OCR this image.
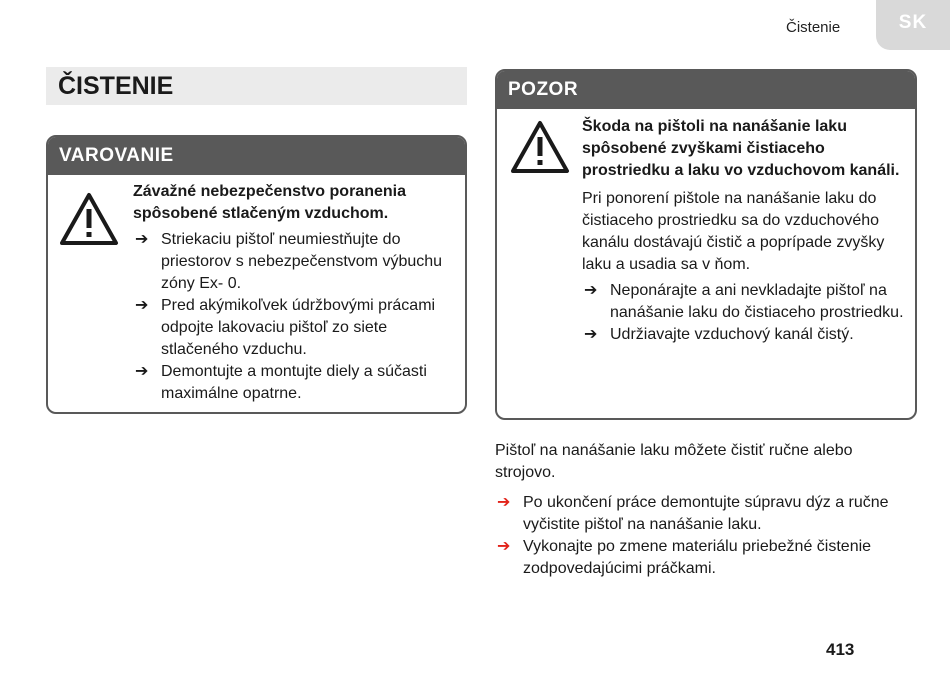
Čistenie	SK
ČISTENIE
VAROVANIE

Závažné nebezpečenstvo poranenia spôsobené stlačeným vzduchom.

➔ Striekaciu pištoľ neumiestňujte do priestorov s nebezpečenstvom výbuchu zóny Ex- 0.
➔ Pred akýmikoľvek údržbovými prácami odpojte lakovaciu pištoľ zo siete stlačeného vzduchu.
➔ Demontujte a montujte diely a súčasti maximálne opatrne.
POZOR

Škoda na pištoli na nanášanie laku spôsobené zvyškami čistiaceho prostriedku a laku vo vzduchovom kanáli.

Pri ponorení pištole na nanášanie laku do čistiaceho prostriedku sa do vzduchového kanálu dostávajú čistič a poprípade zvyšky laku a usadia sa v ňom.

➔ Neponárajte a ani nevkladajte pištoľ na nanášanie laku do čistiaceho prostriedku.
➔ Udržiavajte vzduchový kanál čistý.

Pištoľ na nanášanie laku môžete čistiť ručne alebo strojovo.

➔ Po ukončení práce demontujte súpravu dýz a ručne vyčistite pištoľ na nanášanie laku.
➔ Vykonajte po zmene materiálu priebežné čistenie zodpovedajúcimi práčkami.
413
